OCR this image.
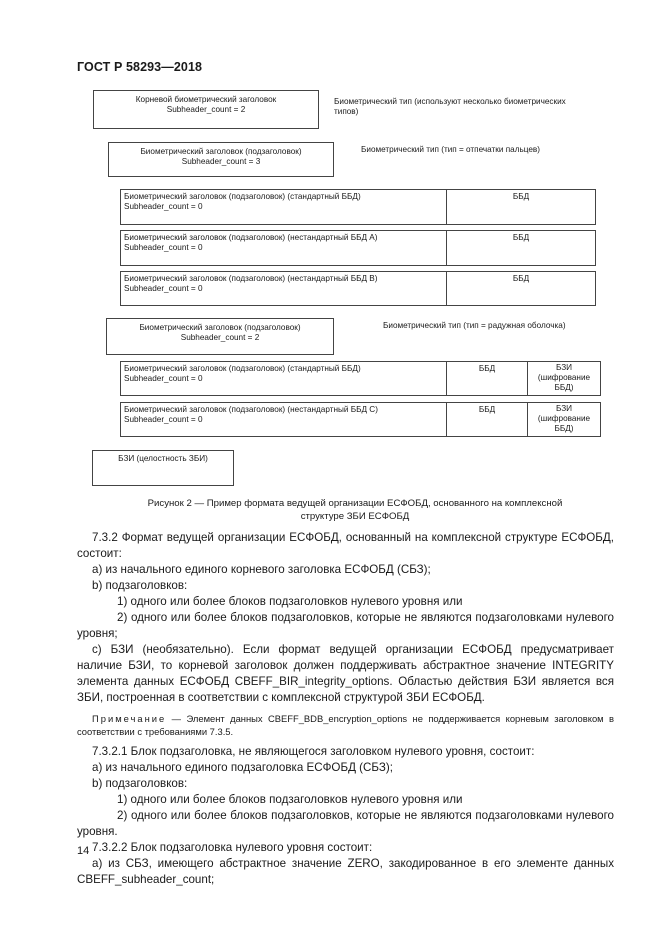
ГОСТ Р 58293—2018
Корневой биометрический заголовок
Subheader_count = 2
Биометрический тип (используют несколько биометрических типов)
Биометрический заголовок (подзаголовок)
Subheader_count = 3
Биометрический тип (тип = отпечатки пальцев)
Биометрический заголовок (подзаголовок) (стандартный ББД)
Subheader_count = 0
ББД
Биометрический заголовок (подзаголовок) (нестандартный ББД А)
Subheader_count = 0
ББД
Биометрический заголовок (подзаголовок) (нестандартный ББД В)
Subheader_count = 0
ББД
Биометрический заголовок (подзаголовок)
Subheader_count = 2
Биометрический тип (тип = радужная оболочка)
Биометрический заголовок (подзаголовок) (стандартный ББД)
Subheader_count = 0
ББД	БЗИ (шифрование ББД)
Биометрический заголовок (подзаголовок) (нестандартный ББД С)
Subheader_count = 0
ББД	БЗИ (шифрование ББД)
БЗИ (целостность ЗБИ)
Рисунок 2 — Пример формата ведущей организации ЕСФОБД, основанного на комплексной структуре ЗБИ ЕСФОБД

7.3.2 Формат ведущей организации ЕСФОБД, основанный на комплексной структуре ЕСФОБД, состоит:

а) из начального единого корневого заголовка ЕСФОБД (СБЗ);

b) подзаголовков:

1) одного или более блоков подзаголовков нулевого уровня или

2) одного или более блоков подзаголовков, которые не являются подзаголовками нулевого уровня;

с) БЗИ (необязательно). Если формат ведущей организации ЕСФОБД предусматривает наличие БЗИ, то корневой заголовок должен поддерживать абстрактное значение INTEGRITY элемента данных ЕСФОБД CBEFF_BIR_integrity_options. Областью действия БЗИ является вся ЗБИ, построенная в соответствии с комплексной структурой ЗБИ ЕСФОБД.

Примечание — Элемент данных CBEFF_BDB_encryption_options не поддерживается корневым заголовком в соответствии с требованиями 7.3.5.

7.3.2.1 Блок подзаголовка, не являющегося заголовком нулевого уровня, состоит:

а) из начального единого подзаголовка ЕСФОБД (СБЗ);

b) подзаголовков:

1) одного или более блоков подзаголовков нулевого уровня или

2) одного или более блоков подзаголовков, которые не являются подзаголовками нулевого уровня.

7.3.2.2 Блок подзаголовка нулевого уровня состоит:

а) из СБЗ, имеющего абстрактное значение ZERO, закодированное в его элементе данных CBEFF_subheader_count;

14
